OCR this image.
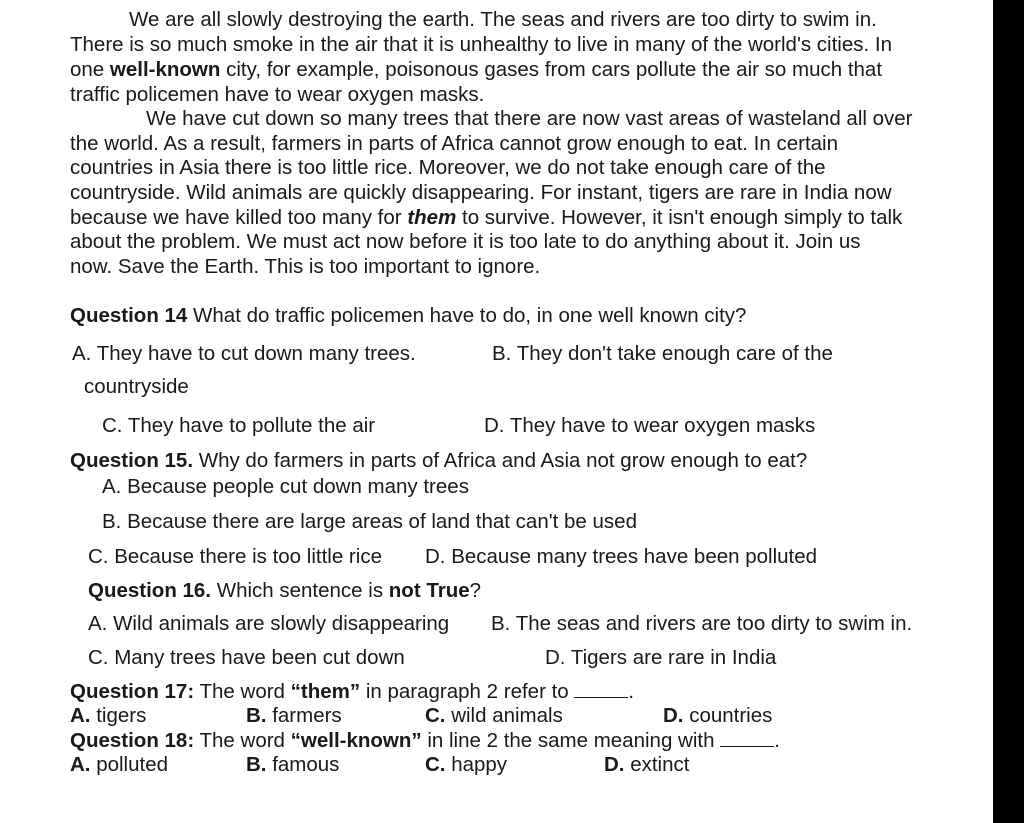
We are all slowly destroying the earth. The seas and rivers are too dirty to swim in.
There is so much smoke in the air that it is unhealthy to live in many of the world's cities. In
one well-known city, for example, poisonous gases from cars pollute the air so much that
traffic policemen have to wear oxygen masks.
We have cut down so many trees that there are now vast areas of wasteland all over
the world. As a result, farmers in parts of Africa cannot grow enough to eat. In certain
countries in Asia there is too little rice. Moreover, we do not take enough care of the
countryside. Wild animals are quickly disappearing. For instant, tigers are rare in India now
because we have killed too many for them to survive. However, it isn't enough simply to talk
about the problem. We must act now before it is too late to do anything about it. Join us
now. Save the Earth. This is too important to ignore.
Question 14 What do traffic policemen have to do, in one well known city?
A. They have to cut down many trees.	B. They don't take enough care of the
countryside
C. They have to pollute the air	D. They have to wear oxygen masks
Question 15. Why do farmers in parts of Africa and Asia not grow enough to eat?
A. Because people cut down many trees
B. Because there are large areas of land that can't be used
C. Because there is too little rice D. Because many trees have been polluted
Question 16. Which sentence is not True?
A. Wild animals are slowly disappearing B. The seas and rivers are too dirty to swim in.
C. Many trees have been cut down	D. Tigers are rare in India
Question 17: The word “them” in paragraph 2 refer to	.
A. tigers	B. farmers	C. wild animals	D. countries
Question 18: The word “well-known” in line 2 the same meaning with	.
A. polluted	B. famous	C. happy	D. extinct
